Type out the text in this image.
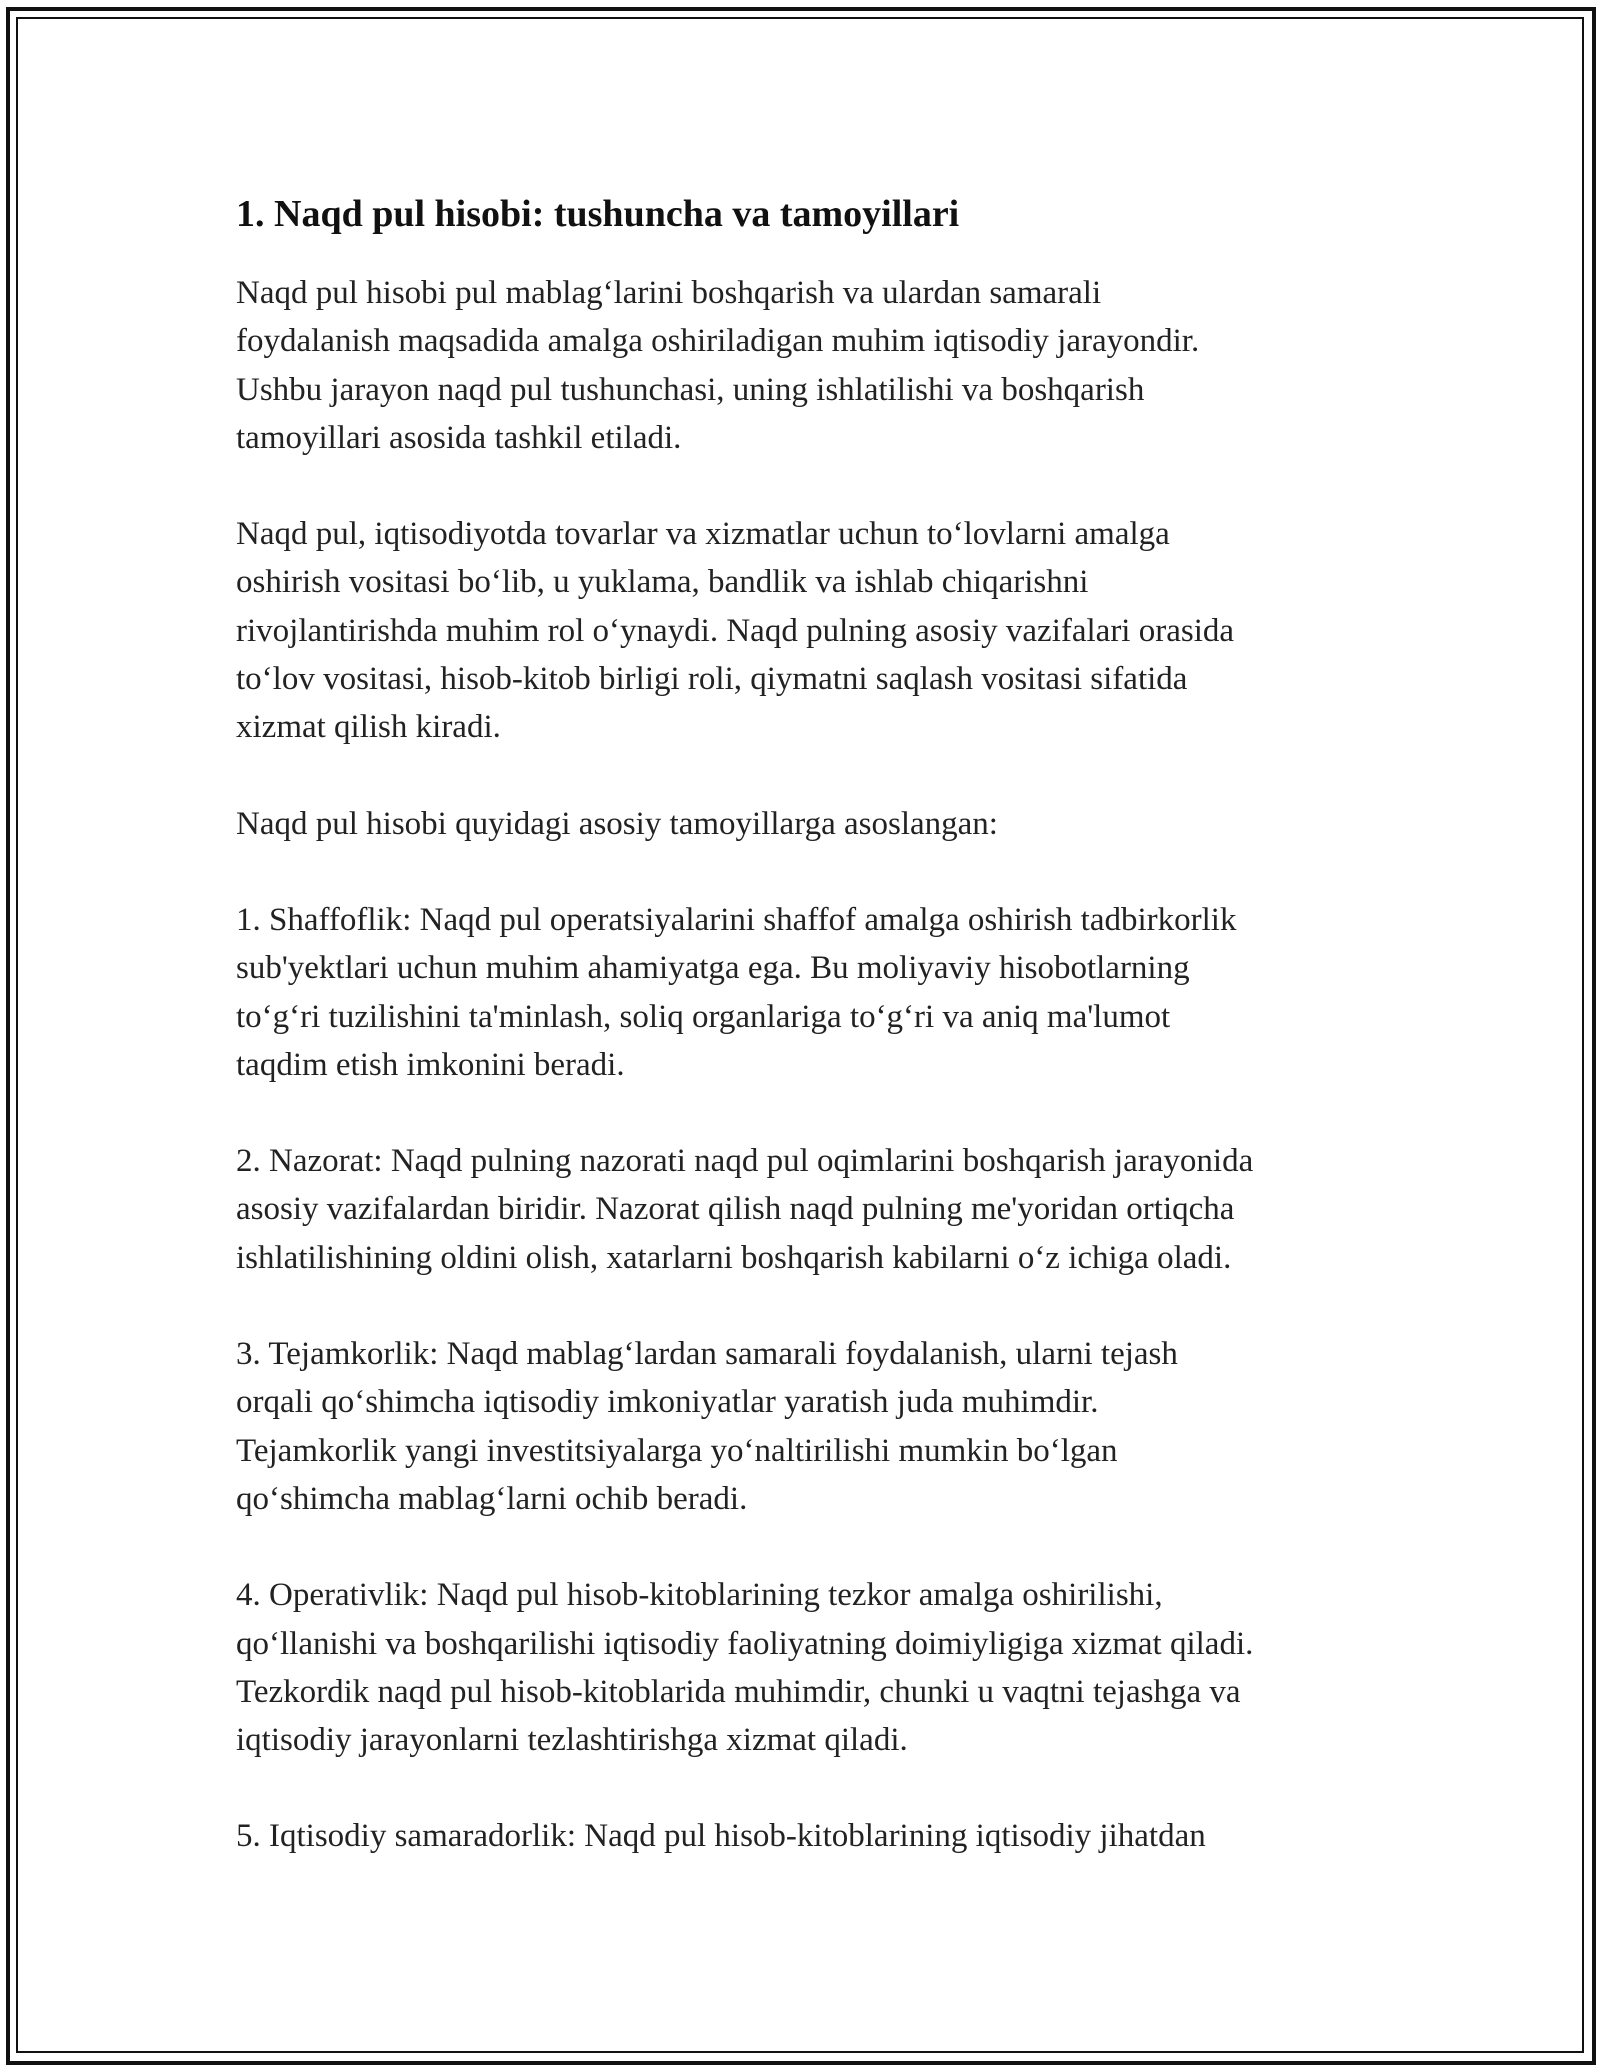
1. Naqd pul hisobi: tushuncha va tamoyillari

Naqd pul hisobi pul mablag‘larini boshqarish va ulardan samarali
foydalanish maqsadida amalga oshiriladigan muhim iqtisodiy jarayondir.
Ushbu jarayon naqd pul tushunchasi, uning ishlatilishi va boshqarish
tamoyillari asosida tashkil etiladi.

Naqd pul, iqtisodiyotda tovarlar va xizmatlar uchun to‘lovlarni amalga
oshirish vositasi bo‘lib, u yuklama, bandlik va ishlab chiqarishni
rivojlantirishda muhim rol o‘ynaydi. Naqd pulning asosiy vazifalari orasida
to‘lov vositasi, hisob-kitob birligi roli, qiymatni saqlash vositasi sifatida
xizmat qilish kiradi.

Naqd pul hisobi quyidagi asosiy tamoyillarga asoslangan:

1. Shaffoflik: Naqd pul operatsiyalarini shaffof amalga oshirish tadbirkorlik
sub'yektlari uchun muhim ahamiyatga ega. Bu moliyaviy hisobotlarning
to‘g‘ri tuzilishini ta'minlash, soliq organlariga to‘g‘ri va aniq ma'lumot
taqdim etish imkonini beradi.

2. Nazorat: Naqd pulning nazorati naqd pul oqimlarini boshqarish jarayonida
asosiy vazifalardan biridir. Nazorat qilish naqd pulning me'yoridan ortiqcha
ishlatilishining oldini olish, xatarlarni boshqarish kabilarni o‘z ichiga oladi.

3. Tejamkorlik: Naqd mablag‘lardan samarali foydalanish, ularni tejash
orqali qo‘shimcha iqtisodiy imkoniyatlar yaratish juda muhimdir.
Tejamkorlik yangi investitsiyalarga yo‘naltirilishi mumkin bo‘lgan
qo‘shimcha mablag‘larni ochib beradi.

4. Operativlik: Naqd pul hisob-kitoblarining tezkor amalga oshirilishi,
qo‘llanishi va boshqarilishi iqtisodiy faoliyatning doimiyligiga xizmat qiladi.
Tezkordik naqd pul hisob-kitoblarida muhimdir, chunki u vaqtni tejashga va
iqtisodiy jarayonlarni tezlashtirishga xizmat qiladi.

5. Iqtisodiy samaradorlik: Naqd pul hisob-kitoblarining iqtisodiy jihatdan
